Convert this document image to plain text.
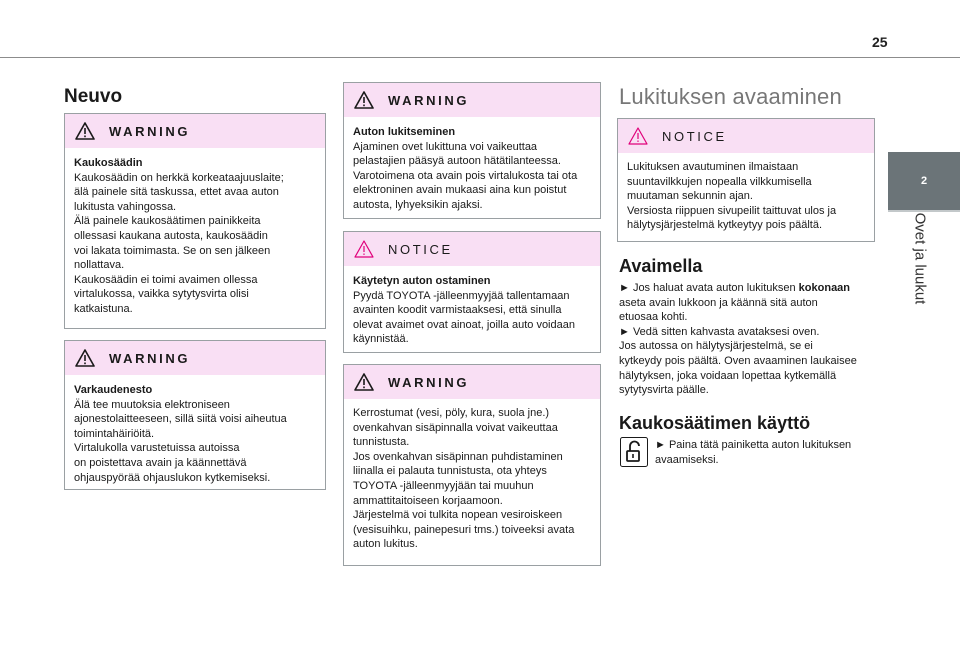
25
2
Ovet ja luukut
Neuvo
WARNING
Kaukosäädin

Kaukosäädin on herkkä korkeataajuuslaite;
älä painele sitä taskussa, ettet avaa auton
lukitusta vahingossa.
Älä painele kaukosäätimen painikkeita
ollessasi kaukana autosta, kaukosäädin
voi lakata toimimasta. Se on sen jälkeen
nollattava.
Kaukosäädin ei toimi avaimen ollessa
virtalukossa, vaikka sytytysvirta olisi
katkaistuna.

WARNING
Varkaudenesto

Älä tee muutoksia elektroniseen
ajonestolaitteeseen, sillä siitä voisi aiheutua
toimintahäiriöitä.
Virtalukolla varustetuissa autoissa
on poistettava avain ja käännettävä
ohjauspyörää ohjauslukon kytkemiseksi.

WARNING
Auton lukitseminen

Ajaminen ovet lukittuna voi vaikeuttaa
pelastajien pääsyä autoon hätätilanteessa.
Varotoimena ota avain pois virtalukosta tai ota
elektroninen avain mukaasi aina kun poistut
autosta, lyhyeksikin ajaksi.

NOTICE
Käytetyn auton ostaminen

Pyydä TOYOTA -jälleenmyyjää tallentamaan
avainten koodit varmistaaksesi, että sinulla
olevat avaimet ovat ainoat, joilla auto voidaan
käynnistää.

WARNING

Kerrostumat (vesi, pöly, kura, suola jne.)
ovenkahvan sisäpinnalla voivat vaikeuttaa
tunnistusta.
Jos ovenkahvan sisäpinnan puhdistaminen
liinalla ei palauta tunnistusta, ota yhteys
TOYOTA -jälleenmyyjään tai muuhun
ammattitaitoiseen korjaamoon.
Järjestelmä voi tulkita nopean vesiroiskeen
(vesisuihku, painepesuri tms.) toiveeksi avata
auton lukitus.

Lukituksen avaaminen
NOTICE

Lukituksen avautuminen ilmaistaan
suuntavilkkujen nopealla vilkkumisella
muutaman sekunnin ajan.
Versiosta riippuen sivupeilit taittuvat ulos ja
hälytysjärjestelmä kytkeytyy pois päältä.

Avaimella
► Jos haluat avata auton lukituksen kokonaan
aseta avain lukkoon ja käännä sitä auton
etuosaa kohti.
► Vedä sitten kahvasta avataksesi oven.
Jos autossa on hälytysjärjestelmä, se ei
kytkeydy pois päältä. Oven avaaminen laukaisee
hälytyksen, joka voidaan lopettaa kytkemällä
sytytysvirta päälle.
Kaukosäätimen käyttö
► Paina tätä painiketta auton lukituksen
avaamiseksi.
